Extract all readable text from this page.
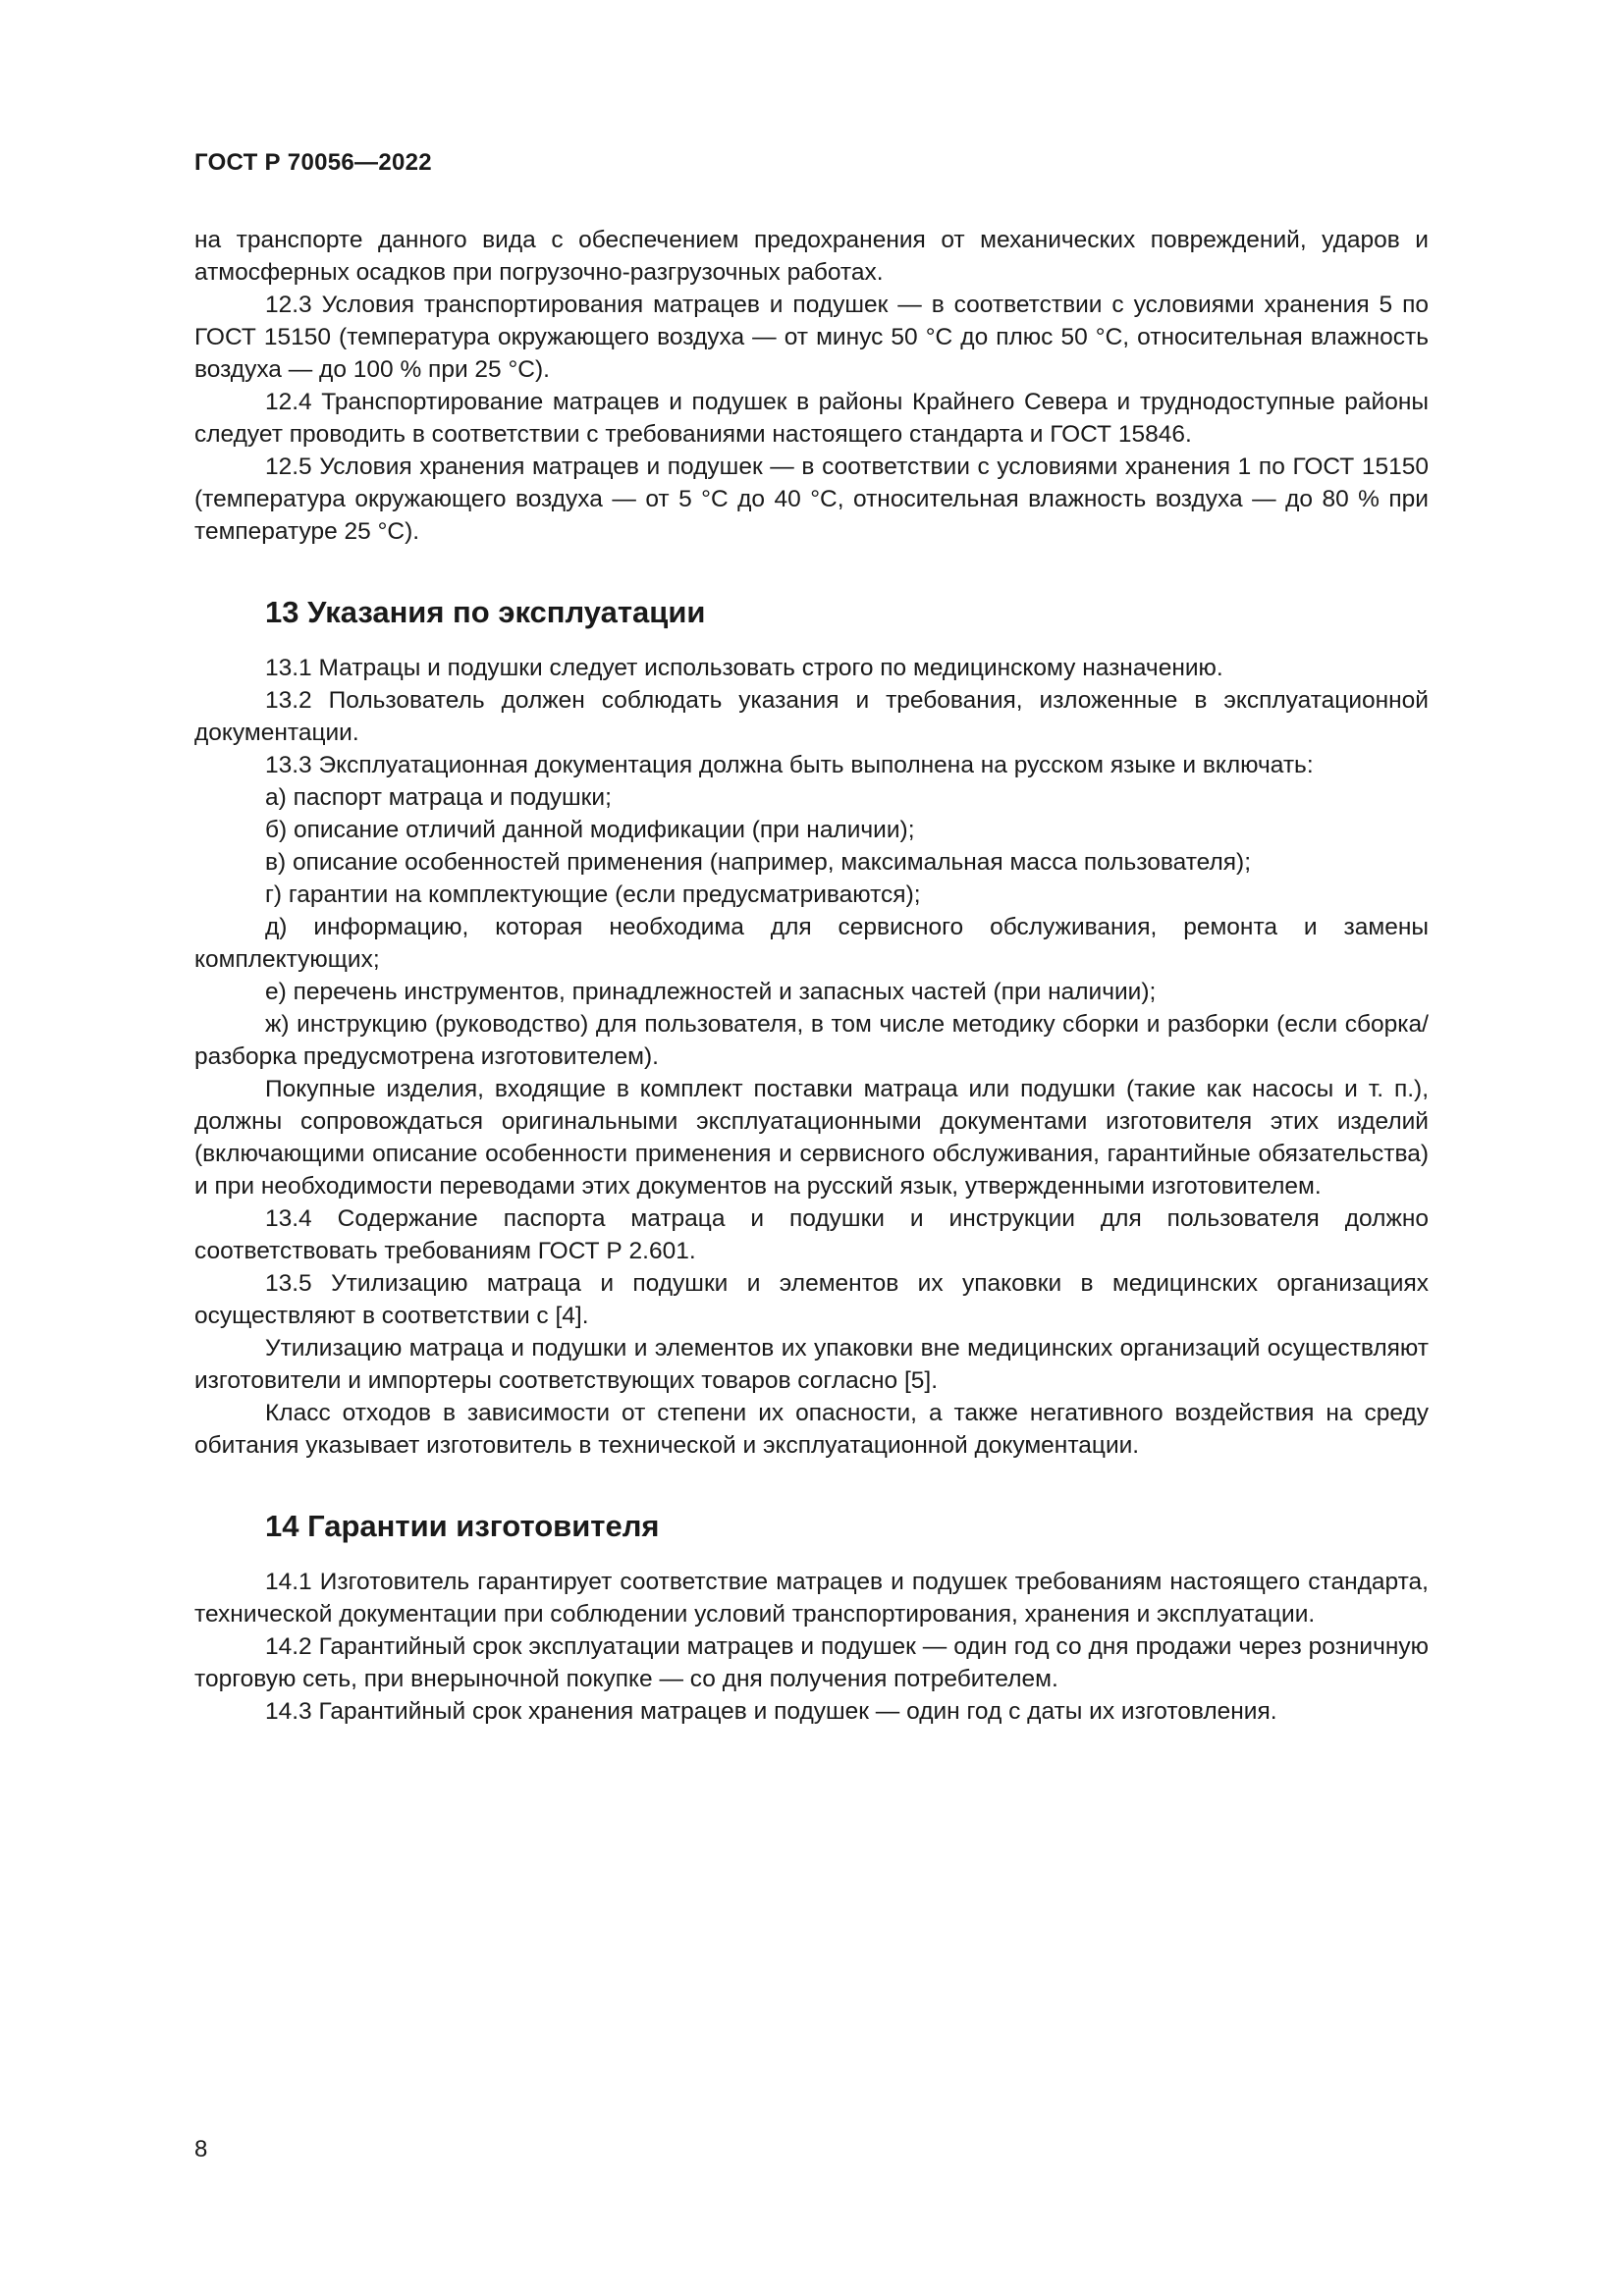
ГОСТ Р 70056—2022

на транспорте данного вида с обеспечением предохранения от механических повреждений, ударов и атмосферных осадков при погрузочно-разгрузочных работах.

12.3 Условия транспортирования матрацев и подушек — в соответствии с условиями хранения 5 по ГОСТ 15150 (температура окружающего воздуха — от минус 50 °С до плюс 50 °С, относительная влажность воздуха — до 100 % при 25 °С).

12.4 Транспортирование матрацев и подушек в районы Крайнего Севера и труднодоступные районы следует проводить в соответствии с требованиями настоящего стандарта и ГОСТ 15846.

12.5 Условия хранения матрацев и подушек — в соответствии с условиями хранения 1 по ГОСТ 15150 (температура окружающего воздуха — от 5 °С до 40 °С, относительная влажность воздуха — до 80 % при температуре 25 °С).

13 Указания по эксплуатации

13.1 Матрацы и подушки следует использовать строго по медицинскому назначению.

13.2 Пользователь должен соблюдать указания и требования, изложенные в эксплуатационной документации.

13.3 Эксплуатационная документация должна быть выполнена на русском языке и включать:

а) паспорт матраца и подушки;

б) описание отличий данной модификации (при наличии);

в) описание особенностей применения (например, максимальная масса пользователя);

г) гарантии на комплектующие (если предусматриваются);

д) информацию, которая необходима для сервисного обслуживания, ремонта и замены комплектующих;

е) перечень инструментов, принадлежностей и запасных частей (при наличии);

ж) инструкцию (руководство) для пользователя, в том числе методику сборки и разборки (если сборка/разборка предусмотрена изготовителем).

Покупные изделия, входящие в комплект поставки матраца или подушки (такие как насосы и т. п.), должны сопровождаться оригинальными эксплуатационными документами изготовителя этих изделий (включающими описание особенности применения и сервисного обслуживания, гарантийные обязательства) и при необходимости переводами этих документов на русский язык, утвержденными изготовителем.

13.4 Содержание паспорта матраца и подушки и инструкции для пользователя должно соответствовать требованиям ГОСТ Р 2.601.

13.5 Утилизацию матраца и подушки и элементов их упаковки в медицинских организациях осуществляют в соответствии с [4].

Утилизацию матраца и подушки и элементов их упаковки вне медицинских организаций осуществляют изготовители и импортеры соответствующих товаров согласно [5].

Класс отходов в зависимости от степени их опасности, а также негативного воздействия на среду обитания указывает изготовитель в технической и эксплуатационной документации.

14 Гарантии изготовителя

14.1 Изготовитель гарантирует соответствие матрацев и подушек требованиям настоящего стандарта, технической документации при соблюдении условий транспортирования, хранения и эксплуатации.

14.2 Гарантийный срок эксплуатации матрацев и подушек — один год со дня продажи через розничную торговую сеть, при внерыночной покупке — со дня получения потребителем.

14.3 Гарантийный срок хранения матрацев и подушек — один год с даты их изготовления.

8
